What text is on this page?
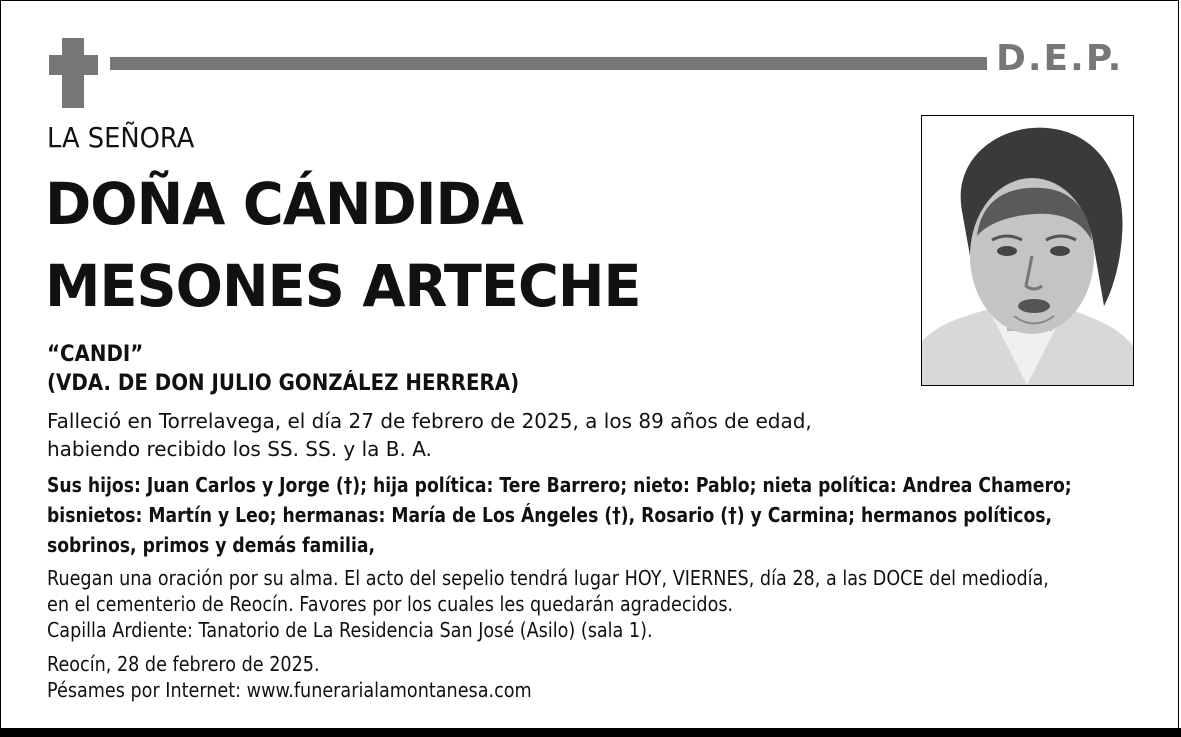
D.E.P.
LA SEÑORA
DOÑA CÁNDIDA
MESONES ARTECHE
“CANDI”
(VDA. DE DON JULIO GONZÁLEZ HERRERA)
Falleció en Torrelavega, el día 27 de febrero de 2025, a los 89 años de edad,
habiendo recibido los SS. SS. y la B. A.
Sus hijos: Juan Carlos y Jorge (†); hija política: Tere Barrero; nieto: Pablo; nieta política: Andrea Chamero;
bisnietos: Martín y Leo; hermanas: María de Los Ángeles (†), Rosario (†) y Carmina; hermanos políticos,
sobrinos, primos y demás familia,
Ruegan una oración por su alma. El acto del sepelio tendrá lugar HOY, VIERNES, día 28, a las DOCE del mediodía,
en el cementerio de Reocín. Favores por los cuales les quedarán agradecidos.
Capilla Ardiente: Tanatorio de La Residencia San José (Asilo) (sala 1).
Reocín, 28 de febrero de 2025.
Pésames por Internet: www.funerarialamontanesa.com
